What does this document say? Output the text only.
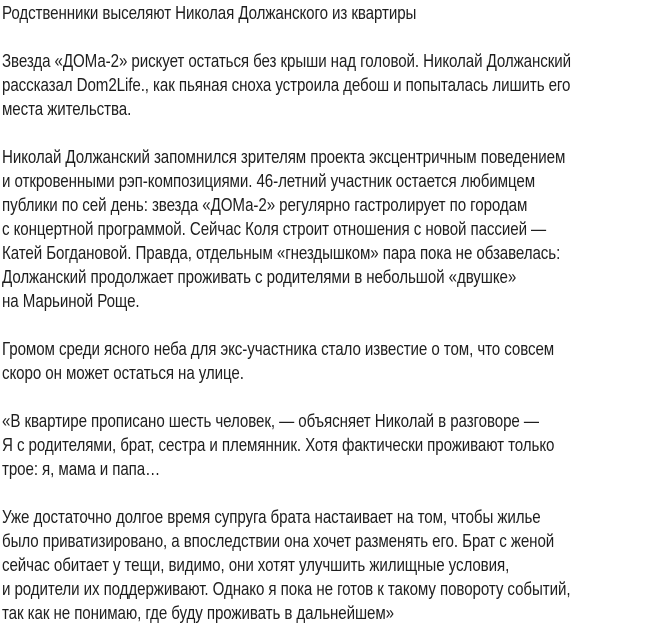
Родственники выселяют Николая Должанского из квартиры
Звезда «ДОМа-2» рискует остаться без крыши над головой. Николай Должанский
рассказал Dom2Life., как пьяная сноха устроила дебош и попыталась лишить его
места жительства.
Николай Должанский запомнился зрителям проекта эксцентричным поведением
и откровенными рэп-композициями. 46-летний участник остается любимцем
публики по сей день: звезда «ДОМа-2» регулярно гастролирует по городам
с концертной программой. Сейчас Коля строит отношения с новой пассией —
Катей Богдановой. Правда, отдельным «гнездышком» пара пока не обзавелась:
Должанский продолжает проживать с родителями в небольшой «двушке»
на Марьиной Роще.
Громом среди ясного неба для экс-участника стало известие о том, что совсем
скоро он может остаться на улице.
«В квартире прописано шесть человек, — объясняет Николай в разговоре —
Я с родителями, брат, сестра и племянник. Хотя фактически проживают только
трое: я, мама и папа…
Уже достаточно долгое время супруга брата настаивает на том, чтобы жилье
было приватизировано, а впоследствии она хочет разменять его. Брат с женой
сейчас обитает у тещи, видимо, они хотят улучшить жилищные условия,
и родители их поддерживают. Однако я пока не готов к такому повороту событий,
так как не понимаю, где буду проживать в дальнейшем»
